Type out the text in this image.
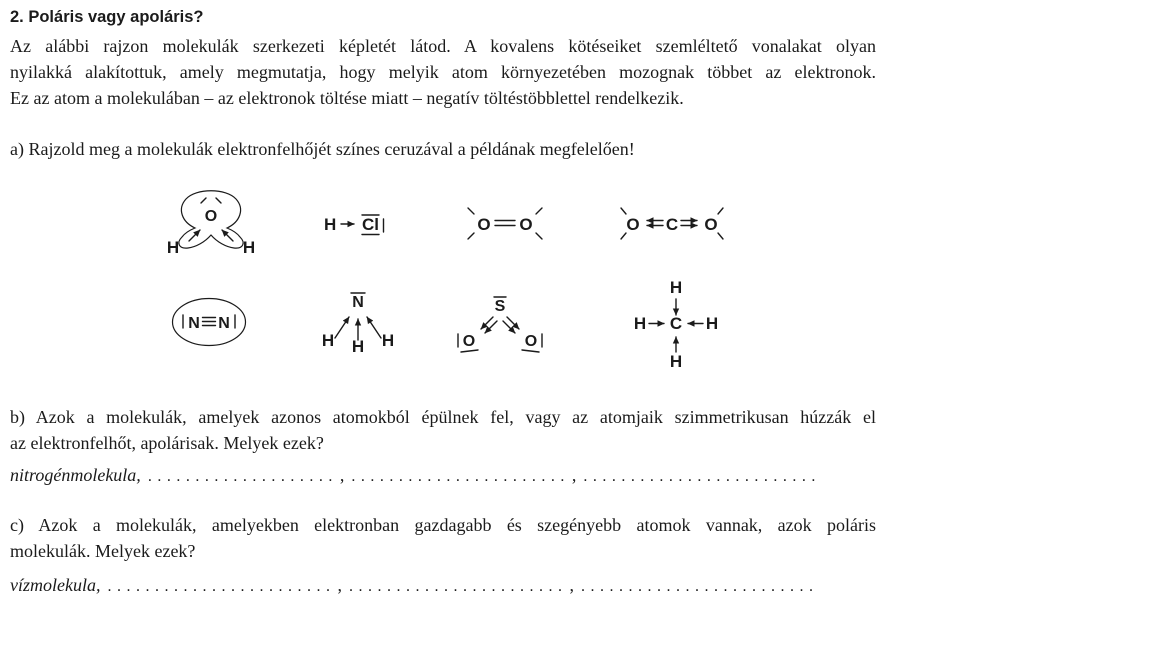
2. Poláris vagy apoláris?

Az alábbi rajzon molekulák szerkezeti képletét látod. A kovalens kötéseiket szemléltető vonalakat olyan

nyilakká alakítottuk, amely megmutatja, hogy melyik atom környezetében mozognak többet az elektronok.

Ez az atom a molekulában – az elektronok töltése miatt – negatív töltéstöbblettel rendelkezik.

a) Rajzold meg a molekulák elektronfelhőjét színes ceruzával a példának megfelelően!

O
H	H
H Cl	O O	O C O
N N
N
H H H
S
O	O
C
H
H	H
H

b) Azok a molekulák, amelyek azonos atomokból épülnek fel, vagy az atomjaik szimmetrikusan húzzák el

az elektronfelhőt, apolárisak. Melyek ezek?

nitrogénmolekula, .................... , ....................... , .........................

c) Azok a molekulák, amelyekben elektronban gazdagabb és szegényebb atomok vannak, azok poláris

molekulák. Melyek ezek?

vízmolekula, ........................ , ....................... , .........................
